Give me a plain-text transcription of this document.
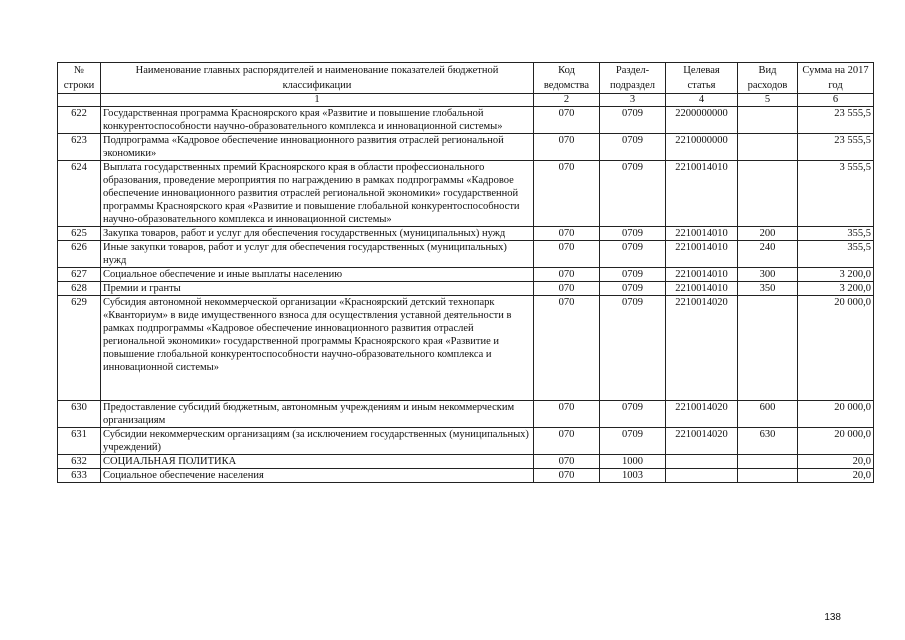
№ строки	Наименование главных распорядителей и наименование показателей бюджетной классификации	Код ведомства	Раздел-подраздел	Целевая статья	Вид расходов	Сумма на 2017 год
	1	2	3	4	5	6
622	Государственная программа Красноярского края «Развитие и повышение глобальной конкурентоспособности научно-образовательного комплекса и инновационной системы»	070	0709	2200000000		23 555,5
623	Подпрограмма «Кадровое обеспечение инновационного развития отраслей региональной экономики»	070	0709	2210000000		23 555,5
624	Выплата государственных премий Красноярского края в области профессионального образования, проведение мероприятия по награждению в рамках подпрограммы «Кадровое обеспечение инновационного развития отраслей региональной экономики» государственной программы Красноярского края «Развитие и повышение глобальной конкурентоспособности научно-образовательного комплекса и инновационной системы»	070	0709	2210014010		3 555,5
625	Закупка товаров, работ и услуг для обеспечения государственных (муниципальных) нужд	070	0709	2210014010	200	355,5
626	Иные закупки товаров, работ и услуг для обеспечения государственных (муниципальных) нужд	070	0709	2210014010	240	355,5
627	Социальное обеспечение и иные выплаты населению	070	0709	2210014010	300	3 200,0
628	Премии и гранты	070	0709	2210014010	350	3 200,0
629	Субсидия автономной некоммерческой организации «Красноярский детский технопарк «Кванториум» в виде имущественного взноса для осуществления уставной деятельности в рамках подпрограммы «Кадровое обеспечение инновационного развития отраслей региональной экономики» государственной программы Красноярского края «Развитие и повышение глобальной конкурентоспособности научно-образовательного комплекса и инновационной системы»	070	0709	2210014020		20 000,0
630	Предоставление субсидий бюджетным, автономным учреждениям и иным некоммерческим организациям	070	0709	2210014020	600	20 000,0
631	Субсидии некоммерческим организациям (за исключением государственных (муниципальных) учреждений)	070	0709	2210014020	630	20 000,0
632	СОЦИАЛЬНАЯ ПОЛИТИКА	070	1000			20,0
633	Социальное обеспечение населения	070	1003			20,0
138
